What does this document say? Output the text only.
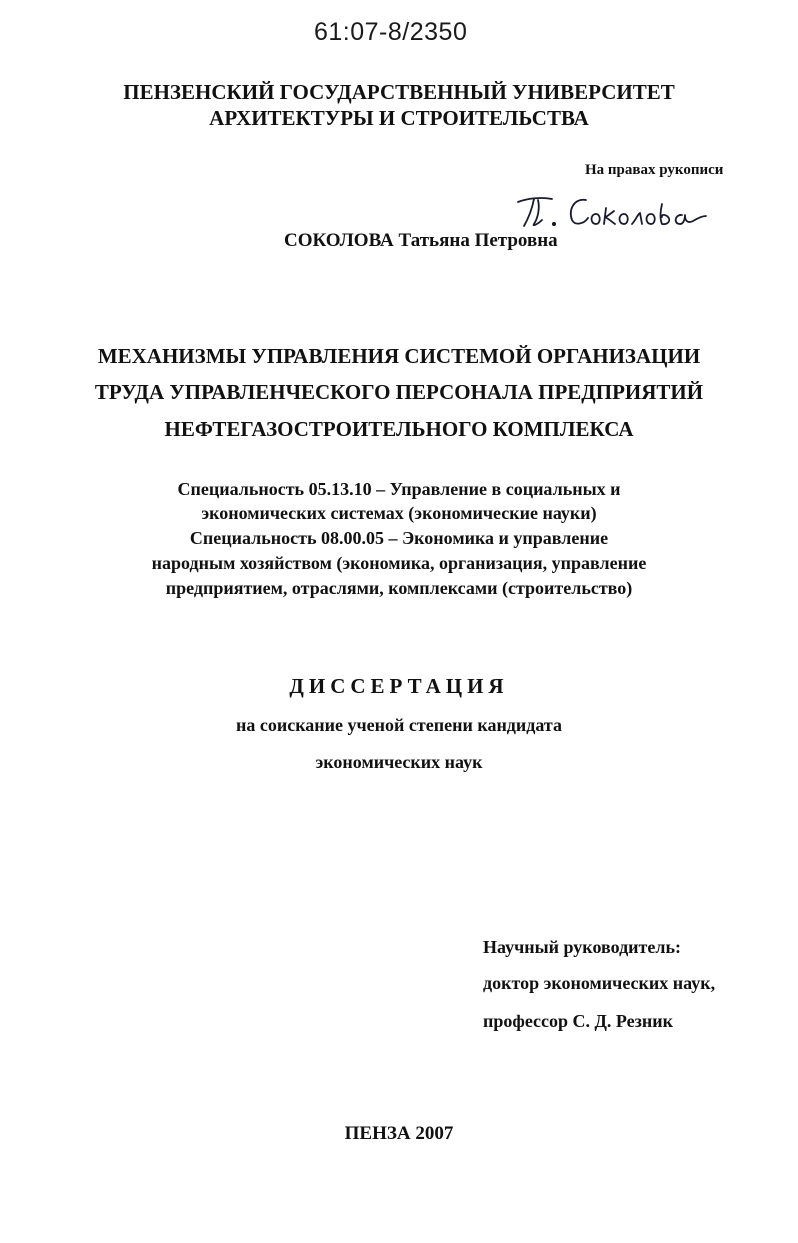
61:07-8/2350
ПЕНЗЕНСКИЙ ГОСУДАРСТВЕННЫЙ УНИВЕРСИТЕТ
АРХИТЕКТУРЫ И СТРОИТЕЛЬСТВА
На правах рукописи
СОКОЛОВА Татьяна Петровна
МЕХАНИЗМЫ УПРАВЛЕНИЯ СИСТЕМОЙ ОРГАНИЗАЦИИ
ТРУДА УПРАВЛЕНЧЕСКОГО ПЕРСОНАЛА ПРЕДПРИЯТИЙ
НЕФТЕГАЗОСТРОИТЕЛЬНОГО КОМПЛЕКСА
Специальность 05.13.10 – Управление в социальных и
экономических системах (экономические науки)
Специальность 08.00.05 – Экономика и управление
народным хозяйством (экономика, организация, управление
предприятием, отраслями, комплексами (строительство)
ДИССЕРТАЦИЯ
на соискание ученой степени кандидата
экономических наук
Научный руководитель:
доктор экономических наук,
профессор С. Д. Резник
ПЕНЗА 2007
